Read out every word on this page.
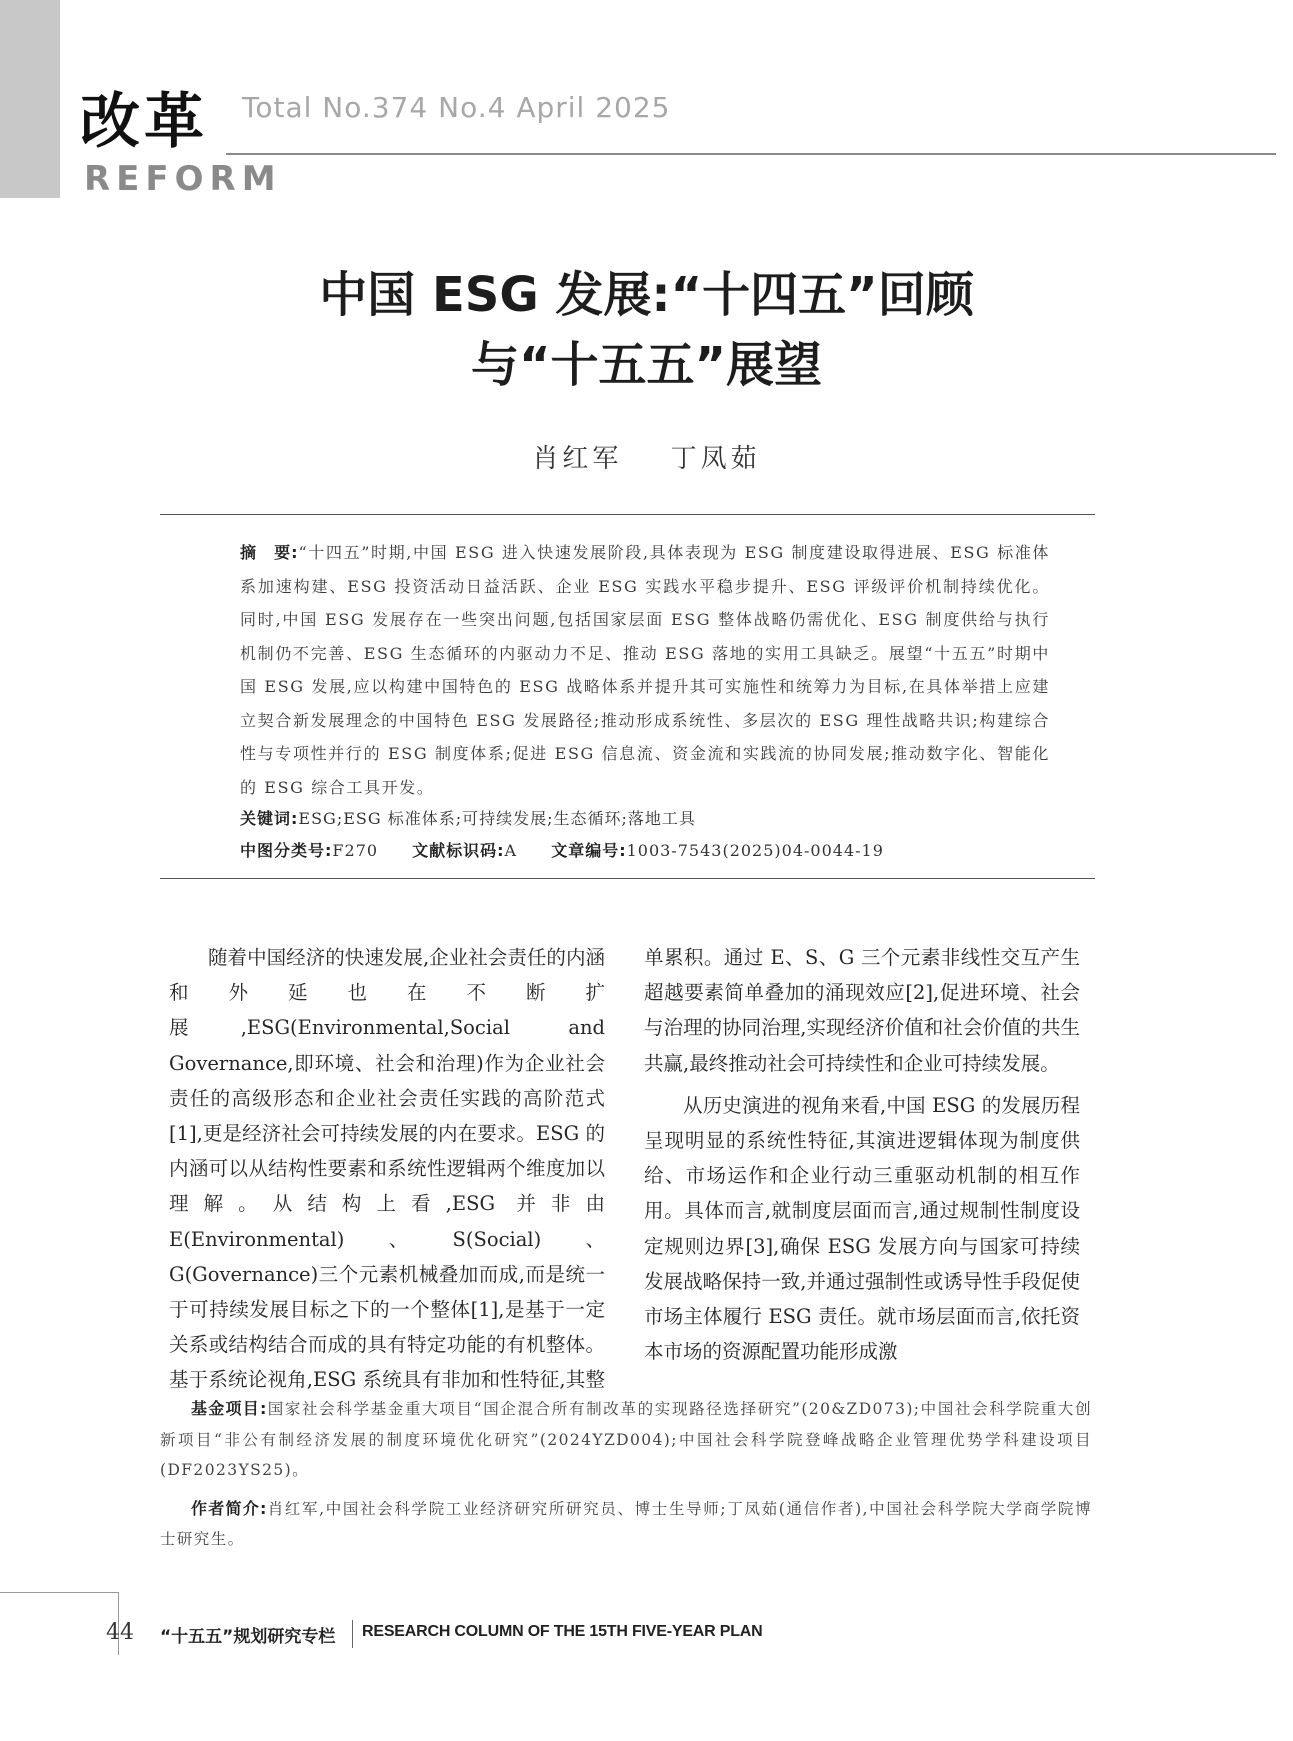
改革
REFORM
Total No.374 No.4 April 2025
中国 ESG 发展:“十四五”回顾
与“十五五”展望
肖红军 丁凤茹
摘　要:“十四五”时期,中国 ESG 进入快速发展阶段,具体表现为 ESG 制度建设取得进展、ESG 标准体系加速构建、ESG 投资活动日益活跃、企业 ESG 实践水平稳步提升、ESG 评级评价机制持续优化。同时,中国 ESG 发展存在一些突出问题,包括国家层面 ESG 整体战略仍需优化、ESG 制度供给与执行机制仍不完善、ESG 生态循环的内驱动力不足、推动 ESG 落地的实用工具缺乏。展望“十五五”时期中国 ESG 发展,应以构建中国特色的 ESG 战略体系并提升其可实施性和统筹力为目标,在具体举措上应建立契合新发展理念的中国特色 ESG 发展路径;推动形成系统性、多层次的 ESG 理性战略共识;构建综合性与专项性并行的 ESG 制度体系;促进 ESG 信息流、资金流和实践流的协同发展;推动数字化、智能化的 ESG 综合工具开发。
关键词:ESG;ESG 标准体系;可持续发展;生态循环;落地工具
中图分类号:F270 文献标识码:A 文章编号:1003-7543(2025)04-0044-19

随着中国经济的快速发展,企业社会责任的内涵和外延也在不断扩展,ESG(Environmental,Social and Governance,即环境、社会和治理)作为企业社会责任的高级形态和企业社会责任实践的高阶范式[1],更是经济社会可持续发展的内在要求。ESG 的内涵可以从结构性要素和系统性逻辑两个维度加以理解。从结构上看,ESG 并非由 E(Environmental)、S(Social)、G(Governance)三个元素机械叠加而成,而是统一于可持续发展目标之下的一个整体[1],是基于一定关系或结构结合而成的具有特定功能的有机整体。基于系统论视角,ESG 系统具有非加和性特征,其整

单累积。通过 E、S、G 三个元素非线性交互产生超越要素简单叠加的涌现效应[2],促进环境、社会与治理的协同治理,实现经济价值和社会价值的共生共赢,最终推动社会可持续性和企业可持续发展。

从历史演进的视角来看,中国 ESG 的发展历程呈现明显的系统性特征,其演进逻辑体现为制度供给、市场运作和企业行动三重驱动机制的相互作用。具体而言,就制度层面而言,通过规制性制度设定规则边界[3],确保 ESG 发展方向与国家可持续发展战略保持一致,并通过强制性或诱导性手段促使市场主体履行 ESG 责任。就市场层面而言,依托资本市场的资源配置功能形成激

基金项目:国家社会科学基金重大项目“国企混合所有制改革的实现路径选择研究”(20&ZD073);中国社会科学院重大创新项目“非公有制经济发展的制度环境优化研究”(2024YZD004);中国社会科学院登峰战略企业管理优势学科建设项目(DF2023YS25)。

作者简介:肖红军,中国社会科学院工业经济研究所研究员、博士生导师;丁凤茹(通信作者),中国社会科学院大学商学院博士研究生。

44 “十五五”规划研究专栏 RESEARCH COLUMN OF THE 15TH FIVE-YEAR PLAN
